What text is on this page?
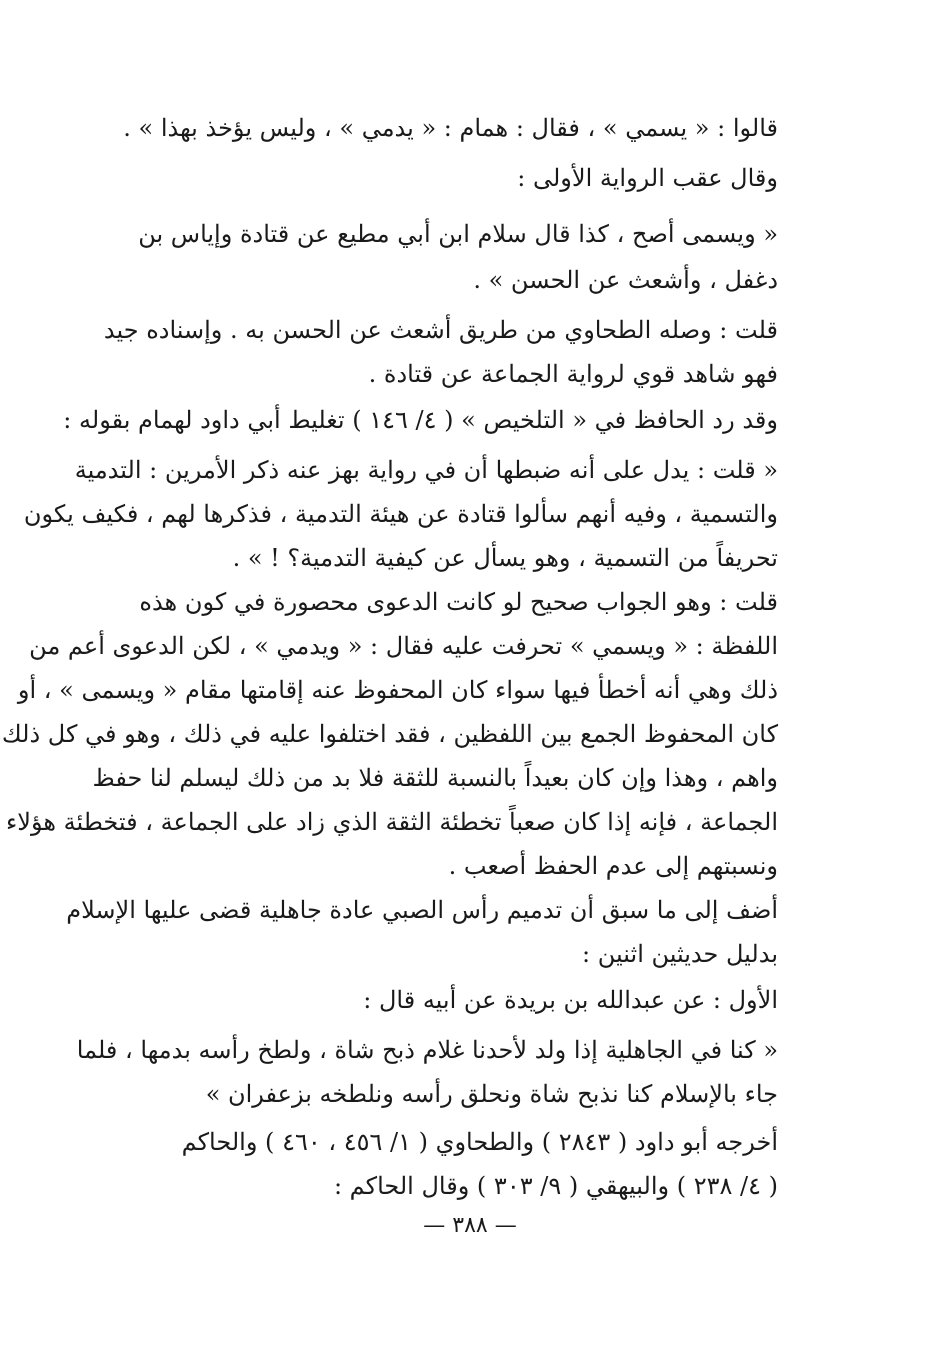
قالوا : « يسمي » ، فقال : همام : « يدمي » ، وليس يؤخذ بهذا » .
وقال عقب الرواية الأولى :
« ويسمى أصح ، كذا قال سلام ابن أبي مطيع عن قتادة وإياس بن
دغفل ، وأشعث عن الحسن » .
قلت : وصله الطحاوي من طريق أشعث عن الحسن به . وإسناده جيد
فهو شاهد قوي لرواية الجماعة عن قتادة .
وقد رد الحافظ في « التلخيص » ( ٤/ ١٤٦ ) تغليط أبي داود لهمام بقوله :
« قلت : يدل على أنه ضبطها أن في رواية بهز عنه ذكر الأمرين : التدمية
والتسمية ، وفيه أنهم سألوا قتادة عن هيئة التدمية ، فذكرها لهم ، فكيف يكون
تحريفاً من التسمية ، وهو يسأل عن كيفية التدمية؟ ! » .
قلت : وهو الجواب صحيح لو كانت الدعوى محصورة في كون هذه
اللفظة : « ويسمي » تحرفت عليه فقال : « ويدمي » ، لكن الدعوى أعم من
ذلك وهي أنه أخطأ فيها سواء كان المحفوظ عنه إقامتها مقام « ويسمى » ، أو
كان المحفوظ الجمع بين اللفظين ، فقد اختلفوا عليه في ذلك ، وهو في كل ذلك
واهم ، وهذا وإن كان بعيداً بالنسبة للثقة فلا بد من ذلك ليسلم لنا حفظ
الجماعة ، فإنه إذا كان صعباً تخطئة الثقة الذي زاد على الجماعة ، فتخطئة هؤلاء
ونسبتهم إلى عدم الحفظ أصعب .
أضف إلى ما سبق أن تدميم رأس الصبي عادة جاهلية قضى عليها الإسلام
بدليل حديثين اثنين :
الأول : عن عبدالله بن بريدة عن أبيه قال :
« كنا في الجاهلية إذا ولد لأحدنا غلام ذبح شاة ، ولطخ رأسه بدمها ، فلما
جاء بالإسلام كنا نذبح شاة ونحلق رأسه ونلطخه بزعفران »
أخرجه أبو داود ( ٢٨٤٣ ) والطحاوي ( ١/ ٤٥٦ ، ٤٦٠ ) والحاكم
( ٤/ ٢٣٨ ) والبيهقي ( ٩/ ٣٠٣ ) وقال الحاكم :
— ٣٨٨ —
